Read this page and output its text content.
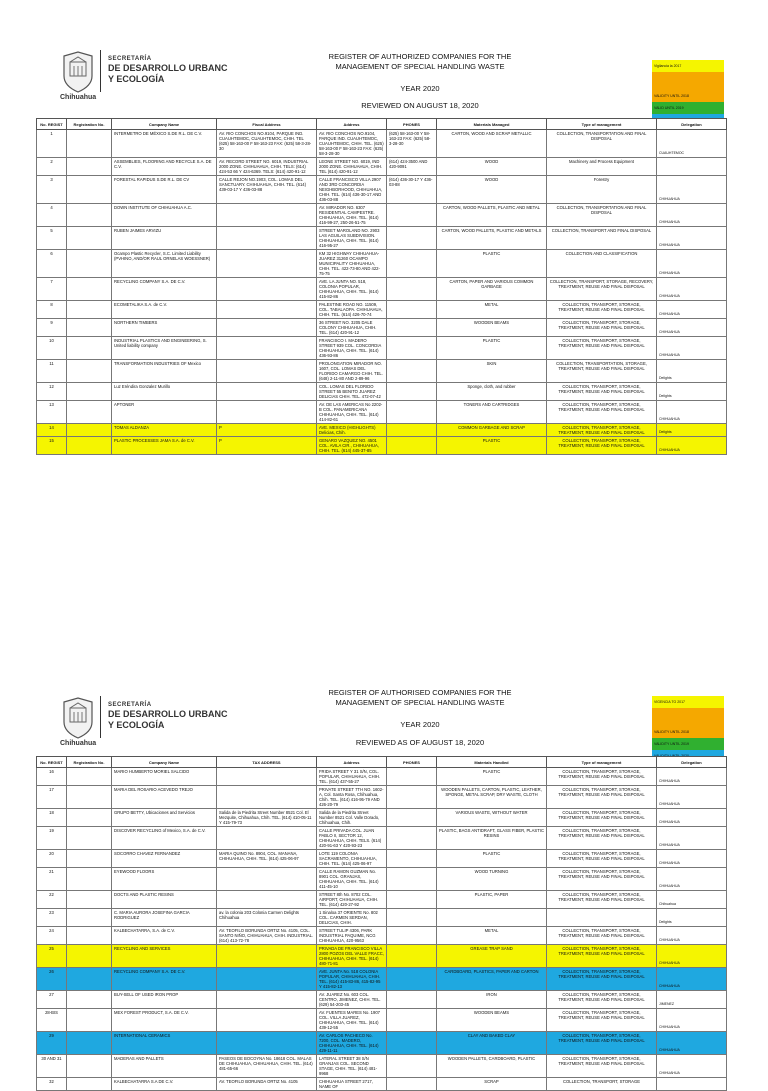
SECRETARÍA
DE DESARROLLO URBANC
Y ECOLOGÍA
Chihuahua
REGISTER OF AUTHORIZED COMPANIES FOR THE
MANAGEMENT OF SPECIAL HANDLING WASTE
YEAR 2020
REVIEWED ON AUGUST 18, 2020
Vigilancia la 2017
VALIDITY UNTIL 2018
VALID UNTIL 2019
No. REGIST	Registration No.	Company Name	Fiscal Address	Address	PHONES	Materials Managed	Type of management	Delegation
1		INTERMETRO DE MÉXICO S.DE R.L. DE C.V.	AV. RIO CONCHOS NO.9104, PARQUE IND. CUAUHTEMOC, CUAUHTEMOC, CHIH. TEL (625) 58-163-00 F 58-163-23 FAX: (625) 58-3-28-30	AV. RIO CONCHOS NO.9104, PARQUE IND. CUAUHTEMOC, CUAUHTEMOC, CHIH. TEL. (625) 58-163-00 F 58-163-23 FAX: (625) 58-3-28-30	(625) 58-163-00 Y 58-163-23 FAX: (625) 58-3-28-30	CARTON, WOOD AND SCRAP METALLIC	COLLECTION, TRANSPORTATION AND FINAL DISPOSAL	CUAUHTEMOC
2		ASSEMBLIES, FLOORING AND RECYCLE S.A. DE C.V.	AV. RECORD STREET NO. 6019, INDUSTRIAL 2000 ZONE. CHIHUAHUA, CHIH. TELS: (614) 424-53 66 Y 424-6369. TELS: (614) 420-91-12	LEONE STREET NO. 6019, IND 2000 ZONE. CHIHUAHUA, CHIH. TEL (614) 420-91-12	(614) 424-3500 AND 420-9091	WOOD	Machinery and Process Equipment	
3		FORESTAL RAPIDUS S.DE R.L. DE CV	CALLE REJON NO.1903, COL. LOMAS DEL SANCTUARY. CHIHUAHUA, CHIH. TEL. (614) 439-03-17 Y 436-03-88	CALLE FRANCISCO VILLA 2907 AND 3RD CONCORDIA NEIGHBORHOOD, CHIHUAHUA, CHIH. TEL. (614) 436-30-17 AND 436-03-88	(614) 436-30-17 Y 436-03-88	WOOD	Forestry	CHIHUAHUA
4		DOWN INSTITUTE OF CHIHUAHUA A.C.		AV. MIRADOR NO. 6307 RESIDENTIAL CAMPESTRE. CHIHUAHUA, CHIH. TEL. (614) 416-99-27, 250-26-51-75		CARTON, WOOD PALLETS, PLASTIC AND METAL	COLLECTION, TRANSPORTATION AND FINAL DISPOSAL	CHIHUAHUA
5		RUBEN JAIMES ARVIZU		STREET MAROLAND NO. 2903 LAS AGUILAS SUBDIVISION. CHIHUAHUA, CHIH. TEL. (614) 416-95-27		CARTON, WOOD PALLETS, PLASTIC AND METALS	COLLECTION, TRANSPORT AND FINAL DISPOSAL	CHIHUAHUA
6		Ocampo Plastic Recycler, S.C. Limited Liability (PVHINO, AND/OR RAUL ORNELAS WOESSNER)		KM 32 HIGHWAY CHIHUAHUA-JUAREZ 31260 OCAMPO MUNICIPALITY CHIHUAHUA, CHIH. TEL. 422-73-80 AND 422-75-75		PLASTIC	COLLECTION AND CLASSIFICATION	CHIHUAHUA
7		RECYCLING COMPANY S.A. DE C.V.		AVE. LA JUNTA NO. 518, COLONIA POPULAR, CHIHUAHUA, CHIH. TEL. (614) 415-82-86		CARTON, PAPER AND VARIOUS COMMON GARBAGE	COLLECTION, TRANSPORT, STORAGE, RECOVERY, TREATMENT, REUSE AND FINAL DISPOSAL	CHIHUAHUA
8		ECOMETALIKA S.A. de C.V.		PALESTINE ROAD NO. 11509, COL. TABALAOPA. CHIHUAHUA, CHIH. TEL. (614) 426-70-74		METAL	COLLECTION, TRANSPORT, STORAGE, TREATMENT, REUSE AND FINAL DISPOSAL	CHIHUAHUA
9		NORTHERN TIMBERS		36 STREET NO. 3205 DALE COLONY CHIHUAHUA, CHIH. TEL. (614) 420-91-12		WOODEN BEAMS	COLLECTION, TRANSPORT, STORAGE, TREATMENT, REUSE AND FINAL DISPOSAL	CHIHUAHUA
10		INDUSTRIAL PLASTICS AND ENGINEERING, S. United liability company		FRANCISCO I. MADERO STREET 939 COL. CONCORDIA CHIHUAHUA, CHIH. TEL. (614) 436-93-86		PLASTIC	COLLECTION, TRANSPORT, STORAGE, TREATMENT, REUSE AND FINAL DISPOSAL	CHIHUAHUA
11		TRANSFORMATION INDUSTRIES OF Mexico		PROLONGATION MIRADOR NO. 1607, COL. LOMAS DEL FLORIDO CAMARGO CHIH. TEL. (648) 2-11-80 AND 2-89-96		SKIN	COLLECTION, TRANSPORTATION, STORAGE, TREATMENT, REUSE AND FINAL DISPOSAL	Delights
12		Luz Eréndira Gonzalez Murillo		COL. LOMAS DEL FLORIDO STREET 55 BENITO JUAREZ DELICIAS CHIH. TEL. 472-07-42		Sponge, cloth, and rubber	COLLECTION, TRANSPORT, STORAGE, TREATMENT, REUSE AND FINAL DISPOSAL	Delights
13		APTONER		AV. DE LAS AMERICAS No 2202-B COL. PANAMERICANA CHIHUAHUA, CHIH. TEL. (614) 414-82-61		TONERS AND CARTRIDGES	COLLECTION, TRANSPORT, STORAGE, TREATMENT, REUSE AND FINAL DISPOSAL	CHIHUAHUA
14		TOMAS ALDANZA	P	AVE. MEXICO (HIGHLIGHTS) Delicias, Chih.		COMMON GARBAGE AND SCRAP	COLLECTION, TRANSPORT, STORAGE, TREATMENT, REUSE AND FINAL DISPOSAL	Delights
15		PLASTIC PROCESSES JAMA S.A. de C.V.	P	GENARO VAZQUEZ NO. 4501 COL. AVILA CIR., CHIHUAHUA, CHIH. TEL. (614) 445-37-85		PLASTIC	COLLECTION, TRANSPORT, STORAGE, TREATMENT, REUSE AND FINAL DISPOSAL	CHIHUAHUA
SECRETARÍA
DE DESARROLLO URBANC
Y ECOLOGÍA
Chihuahua
REGISTER OF AUTHORISED COMPANIES FOR THE
MANAGEMENT OF SPECIAL HANDLING WASTE
YEAR 2020
REVIEWED AS OF AUGUST 18, 2020
VIGENCIA TO 2017
VALIDITY UNTIL 2018
VALIDITY UNTIL 2019
No. REGIST	Registration No.	Company Name	TAX ADDRESS	Address	PHONES	Materials Handled	Type of management	Delegation
16		MARIO HUMBERTO MORIEL SALCIDO		FRIDA STREET Y 31 S/N, COL. POPULAR, CHIHUAHUA, CHIH. TEL. (614) 437-55-27		PLASTIC	COLLECTION, TRANSPORT, STORAGE, TREATMENT, REUSE AND FINAL DISPOSAL	CHIHUAHUA
17		MARIA DEL ROSARIO ACEVEDO TREJO		PRIVATE STREET 7TH NO. 1602-A, Col. Santa Rosa, Chihuahua, Chih. TEL. (614) 416-95-79 AND 426-20-79		WOODEN PALLETS, CARTON, PLASTIC, LEATHER, SPONGE, METAL SCRAP, DRY WASTE, CLOTH	COLLECTION, TRANSPORT, STORAGE, TREATMENT, REUSE AND FINAL DISPOSAL	CHIHUAHUA
18		GRUPO BETTY, Ubicaciones and Servicios	Salida de la Piedrita Street Number 8521 Col. El Mezquite, Chihuahua, Chih. TEL. (614) 410-05-11 Y 415-79-73	Salida de la Piedrita Street Number 8521 Col. Valle Dorado, Chihuahua, Chih.		VARIOUS WASTE, WITHOUT WATER	COLLECTION, TRANSPORT, STORAGE, TREATMENT, REUSE AND FINAL DISPOSAL	CHIHUAHUA
19		DISCOVER RECYCLING of Mexico, S.A. de C.V.		CALLE PRIVADA COL. JUAN PABLO II, SECTOR 12, CHIHUAHUA, CHIH. TELS. (614) 420-91-63 Y 420-93-23		PLASTIC, BAGS ANTIDRAFT, GLASS FIBER, PLASTIC RESINS	COLLECTION, TRANSPORT, STORAGE, TREATMENT, REUSE AND FINAL DISPOSAL	CHIHUAHUA
20		SOCORRO CHAVEZ FERNANDEZ	MARIA QUINO No. 8904, COL. MANANA, CHIHUAHUA, CHIH. TEL. (614) 425-06-97	LOTE 119 COLONIA SACRAMENTO, CHIHUAHUA, CHIH. TEL. (614) 425-06-97		PLASTIC	COLLECTION, TRANSPORT, STORAGE, TREATMENT, REUSE AND FINAL DISPOSAL	CHIHUAHUA
21		EYEWOOD FLOORS		CALLE RAMON GUZMAN No. 8901 COL. GRANJAS, CHIHUAHUA, CHIH. TEL. (614) 411-45-10		WOOD TURNING	COLLECTION, TRANSPORT, STORAGE, TREATMENT, REUSE AND FINAL DISPOSAL	CHIHUAHUA
22		DOCTS AND PLASTIC RESINS		STREET 8th No. 8702 COL. AIRPORT, CHIHUAHUA, CHIH. TEL. (614) 420-27-92		PLASTIC, PAPER	COLLECTION, TRANSPORT, STORAGE, TREATMENT, REUSE AND FINAL DISPOSAL	Chihuahua
23		C. MARIA AURORA JOSEFINA GARCIA RODRIGUEZ	av. la colonia 203 Colonia Carmen Delights Chihuahua	1 Sinaloa 37 ORIENTE No. 802 COL. CARMEN SERDAN, DELICIAS, CHIH.				Delights
24		KALBECHATARRA, S.A. de C.V.	AV. TEOFILO BORUNDA ORTIZ No. 4105, COL. SANTO NIÑO, CHIHUAHUA, CHIH. INDUSTRIAL. (614) 413-72-78	STREET TULIP 4306, PARK INDUSTRIAL PAQUIME, NCG CHIHUAHUA, 420-9563		METAL	COLLECTION, TRANSPORT, STORAGE, TREATMENT, REUSE AND FINAL DISPOSAL	CHIHUAHUA
25		RECYCLING AND SERVICES		PRIVADA DE FRANCISCO VILLA 2800 POZOS DEL VALLE FRACC, CHIHUAHUA, CHIH. TEL. (614) 480-71-81		GREASE TRAP SAND	COLLECTION, TRANSPORT, STORAGE, TREATMENT, REUSE AND FINAL DISPOSAL	CHIHUAHUA
26		RECYCLING COMPANY S.A. DE C.V.		AVE. JUNTA No. 518 COLONIA POPULAR, CHIHUAHUA, CHIH. TEL. (614) 415-83-86, 415-82-95 Y 415-82-13		CARDBOARD, PLASTICS, PAPER AND CARTON	COLLECTION, TRANSPORT, STORAGE, TREATMENT, REUSE AND FINAL DISPOSAL	CHIHUAHUA
27		BUY-SELL OF USED IRON PROP		AV. JUAREZ No. 603 COL. CENTRO, JIMENEZ, CHIH. TEL. (629) 54-203-45		IRON	COLLECTION, TRANSPORT, STORAGE, TREATMENT, REUSE AND FINAL DISPOSAL	JIMENEZ
28-BIS		MEX FOREST PRODUCT, S.A. DE C.V.		AV. FUENTES MARES No. 1907 COL. VILLA JUAREZ, CHIHUAHUA, CHIH. TEL. (614) 439-12-55		WOODEN BEAMS	COLLECTION, TRANSPORT, STORAGE, TREATMENT, REUSE AND FINAL DISPOSAL	CHIHUAHUA
29		INTERNATIONAL CERAMICS		AV. CARLOS PACHECO No. 7200, COL. MADERO, CHIHUAHUA, CHIH. TEL. (614) 429-11-11		CLAY AND BAKED CLAY	COLLECTION, TRANSPORT, STORAGE, TREATMENT, REUSE AND FINAL DISPOSAL	CHIHUAHUA
30 AND 31		MADERAS AND PALLETS	PASEOS DE BOCOYNA No. 18618 COL. MALAS DE CHIHUAHUA, CHIHUAHUA, CHIH. TEL. (614) 481-65-66	LATERAL STREET 38 S/N GRANJAS COL. SECOND STAGE, CHIH. TEL. (614) 481-9968		WOODEN PALLETS, CARDBOARD, PLASTIC	COLLECTION, TRANSPORT, STORAGE, TREATMENT, REUSE AND FINAL DISPOSAL	CHIHUAHUA
32		KALBECHATARRA S.A DE C.V.	AV. TEOFILO BORUNDA ORTIZ No. 4105	CHIHUAHUA STREET 2717, NAME OF		SCRAP	COLLECTION, TRANSPORT, STORAGE	
